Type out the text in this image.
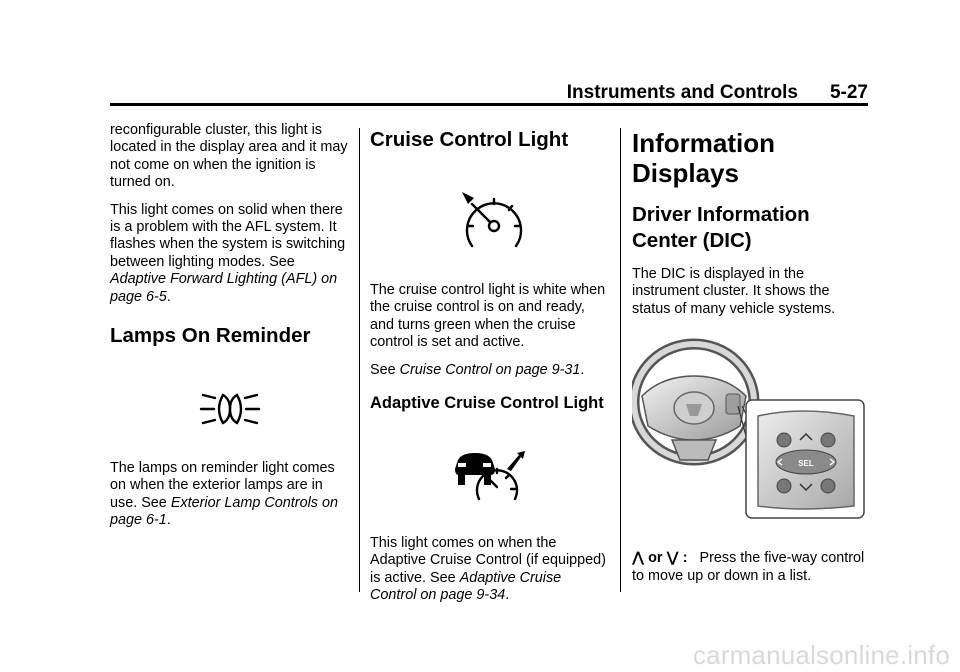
Instruments and Controls 5-27

reconfigurable cluster, this light is located in the display area and it may not come on when the ignition is turned on.

This light comes on solid when there is a problem with the AFL system. It flashes when the system is switching between lighting modes. See Adaptive Forward Lighting (AFL) on page 6-5.

Lamps On Reminder

The lamps on reminder light comes on when the exterior lamps are in use. See Exterior Lamp Controls on page 6-1.

Cruise Control Light

The cruise control light is white when the cruise control is on and ready, and turns green when the cruise control is set and active.

See Cruise Control on page 9-31.

Adaptive Cruise Control Light

This light comes on when the Adaptive Cruise Control (if equipped) is active. See Adaptive Cruise Control on page 9-34.

Information Displays
Driver Information Center (DIC)

The DIC is displayed in the instrument cluster. It shows the status of many vehicle systems.

SEL

⋀ or ⋁ : Press the five-way control to move up or down in a list.

carmanualsonline.info
